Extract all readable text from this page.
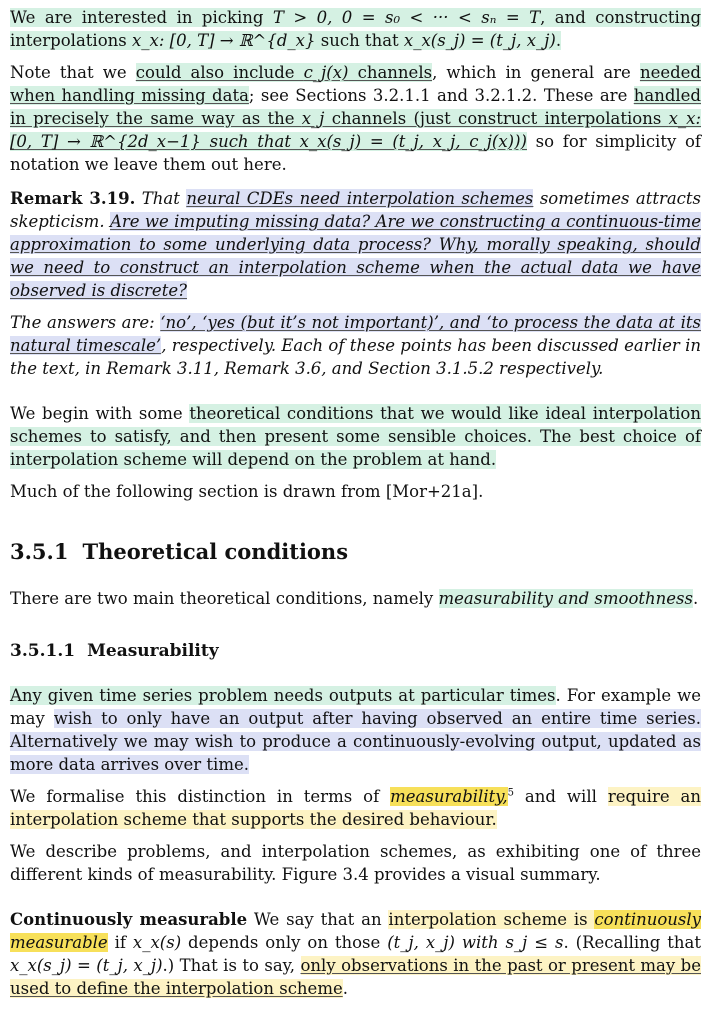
We are interested in picking T > 0, 0 = s₀ < ··· < sₙ = T, and constructing interpolations x_x: [0, T] → ℝ^{d_x} such that x_x(s_j) = (t_j, x_j).

Note that we could also include c_j(x) channels, which in general are needed when handling missing data; see Sections 3.2.1.1 and 3.2.1.2. These are handled in precisely the same way as the x_j channels (just construct interpolations x_x: [0, T] → ℝ^{2d_x−1} such that x_x(s_j) = (t_j, x_j, c_j(x))) so for simplicity of notation we leave them out here.

Remark 3.19. That neural CDEs need interpolation schemes sometimes attracts skepticism. Are we imputing missing data? Are we constructing a continuous-time approximation to some underlying data process? Why, morally speaking, should we need to construct an interpolation scheme when the actual data we have observed is discrete?

The answers are: ‘no’, ‘yes (but it’s not important)’, and ‘to process the data at its natural timescale’, respectively. Each of these points has been discussed earlier in the text, in Remark 3.11, Remark 3.6, and Section 3.1.5.2 respectively.

We begin with some theoretical conditions that we would like ideal interpolation schemes to satisfy, and then present some sensible choices. The best choice of interpolation scheme will depend on the problem at hand.

Much of the following section is drawn from [Mor+21a].

3.5.1 Theoretical conditions

There are two main theoretical conditions, namely measurability and smoothness.

3.5.1.1 Measurability

Any given time series problem needs outputs at particular times. For example we may wish to only have an output after having observed an entire time series. Alternatively we may wish to produce a continuously-evolving output, updated as more data arrives over time.

We formalise this distinction in terms of measurability,$^5$ and will require an interpolation scheme that supports the desired behaviour.

We describe problems, and interpolation schemes, as exhibiting one of three different kinds of measurability. Figure 3.4 provides a visual summary.

Continuously measurable We say that an interpolation scheme is continuously measurable if x_x(s) depends only on those (t_j, x_j) with s_j ≤ s. (Recalling that x_x(s_j) = (t_j, x_j).) That is to say, only observations in the past or present may be used to define the interpolation scheme.
